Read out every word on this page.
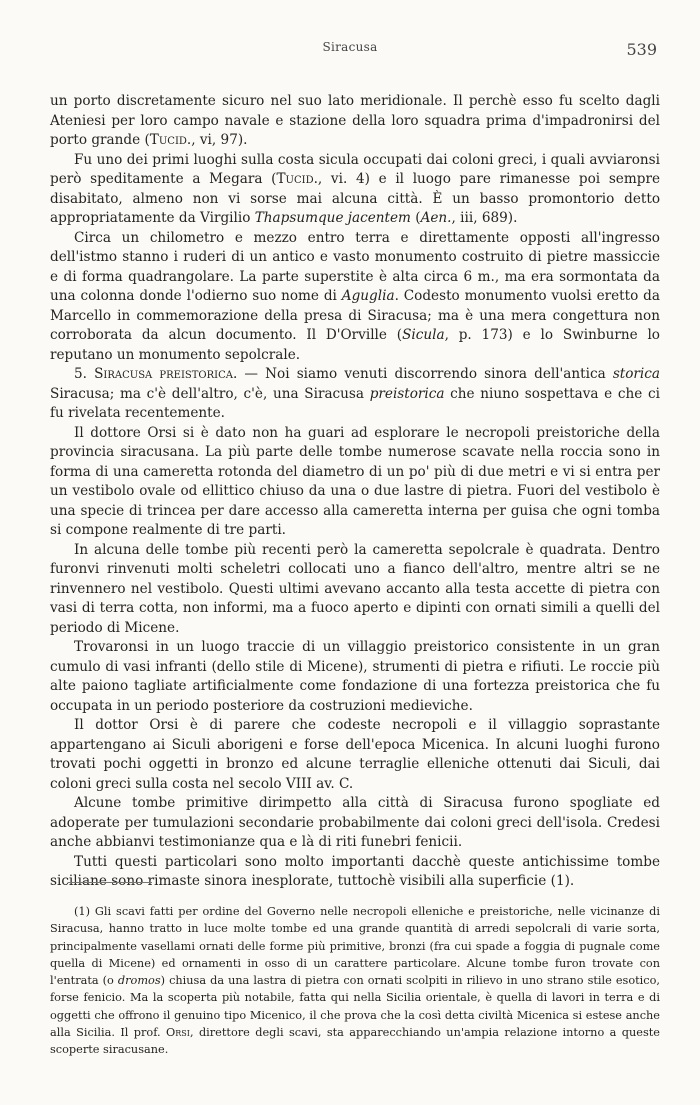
Siracusa	539

un porto discretamente sicuro nel suo lato meridionale. Il perchè esso fu scelto dagli Ateniesi per loro campo navale e stazione della loro squadra prima d'impadronirsi del porto grande (Tucid., vi, 97).

Fu uno dei primi luoghi sulla costa sicula occupati dai coloni greci, i quali avviaronsi però speditamente a Megara (Tucid., vi. 4) e il luogo pare rimanesse poi sempre disabitato, almeno non vi sorse mai alcuna città. È un basso promontorio detto appropriatamente da Virgilio Thapsumque jacentem (Aen., iii, 689).

Circa un chilometro e mezzo entro terra e direttamente opposti all'ingresso dell'istmo stanno i ruderi di un antico e vasto monumento costruito di pietre massiccie e di forma quadrangolare. La parte superstite è alta circa 6 m., ma era sormontata da una colonna donde l'odierno suo nome di Aguglia. Codesto monumento vuolsi eretto da Marcello in commemorazione della presa di Siracusa; ma è una mera congettura non corroborata da alcun documento. Il D'Orville (Sicula, p. 173) e lo Swinburne lo reputano un monumento sepolcrale.

5. Siracusa preistorica. — Noi siamo venuti discorrendo sinora dell'antica storica Siracusa; ma c'è dell'altro, c'è, una Siracusa preistorica che niuno sospettava e che ci fu rivelata recentemente.

Il dottore Orsi si è dato non ha guari ad esplorare le necropoli preistoriche della provincia siracusana. La più parte delle tombe numerose scavate nella roccia sono in forma di una cameretta rotonda del diametro di un po' più di due metri e vi si entra per un vestibolo ovale od ellittico chiuso da una o due lastre di pietra. Fuori del vestibolo è una specie di trincea per dare accesso alla cameretta interna per guisa che ogni tomba si compone realmente di tre parti.

In alcuna delle tombe più recenti però la cameretta sepolcrale è quadrata. Dentro furonvi rinvenuti molti scheletri collocati uno a fianco dell'altro, mentre altri se ne rinvennero nel vestibolo. Questi ultimi avevano accanto alla testa accette di pietra con vasi di terra cotta, non informi, ma a fuoco aperto e dipinti con ornati simili a quelli del periodo di Micene.

Trovaronsi in un luogo traccie di un villaggio preistorico consistente in un gran cumulo di vasi infranti (dello stile di Micene), strumenti di pietra e rifiuti. Le roccie più alte paiono tagliate artificialmente come fondazione di una fortezza preistorica che fu occupata in un periodo posteriore da costruzioni medieviche.

Il dottor Orsi è di parere che codeste necropoli e il villaggio soprastante appartengano ai Siculi aborigeni e forse dell'epoca Micenica. In alcuni luoghi furono trovati pochi oggetti in bronzo ed alcune terraglie elleniche ottenuti dai Siculi, dai coloni greci sulla costa nel secolo VIII av. C.

Alcune tombe primitive dirimpetto alla città di Siracusa furono spogliate ed adoperate per tumulazioni secondarie probabilmente dai coloni greci dell'isola. Credesi anche abbianvi testimonianze qua e là di riti funebri fenicii.

Tutti questi particolari sono molto importanti dacchè queste antichissime tombe siciliane sono rimaste sinora inesplorate, tuttochè visibili alla superficie (1).

(1) Gli scavi fatti per ordine del Governo nelle necropoli elleniche e preistoriche, nelle vicinanze di Siracusa, hanno tratto in luce molte tombe ed una grande quantità di arredi sepolcrali di varie sorta, principalmente vasellami ornati delle forme più primitive, bronzi (fra cui spade a foggia di pugnale come quella di Micene) ed ornamenti in osso di un carattere particolare. Alcune tombe furon trovate con l'entrata (o dromos) chiusa da una lastra di pietra con ornati scolpiti in rilievo in uno strano stile esotico, forse fenicio. Ma la scoperta più notabile, fatta qui nella Sicilia orientale, è quella di lavori in terra e di oggetti che offrono il genuino tipo Micenico, il che prova che la così detta civiltà Micenica si estese anche alla Sicilia. Il prof. Orsi, direttore degli scavi, sta apparecchiando un'ampia relazione intorno a queste scoperte siracusane.
